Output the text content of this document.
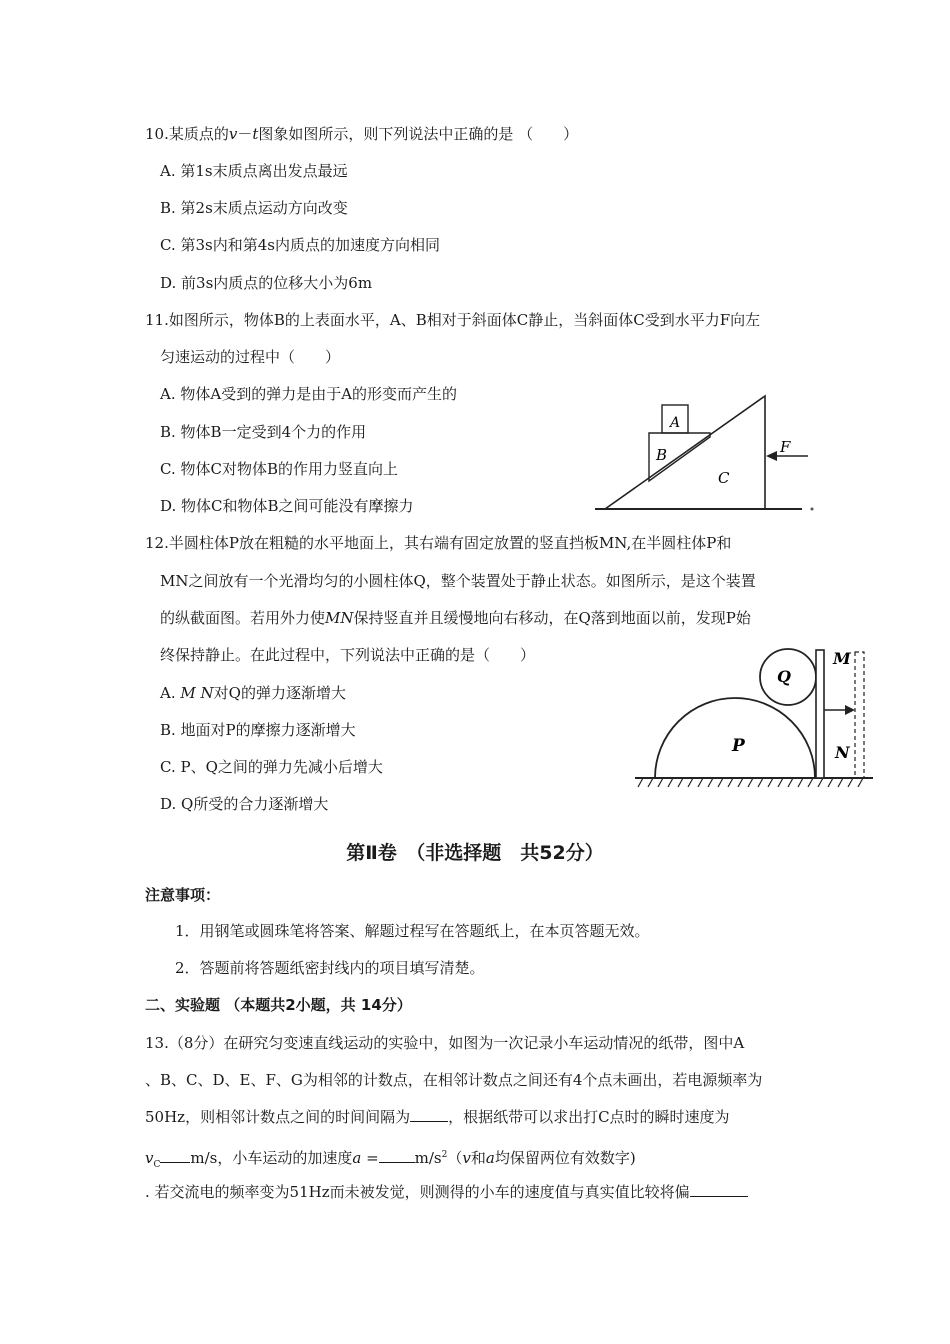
10.某质点的v－t图象如图所示，则下列说法中正确的是 （　　）
A. 第1s末质点离出发点最远
B. 第2s末质点运动方向改变
C. 第3s内和第4s内质点的加速度方向相同
D. 前3s内质点的位移大小为6m
11.如图所示，物体B的上表面水平，A、B相对于斜面体C静止，当斜面体C受到水平力F向左
匀速运动的过程中（　　）
A. 物体A受到的弹力是由于A的形变而产生的
B. 物体B一定受到4个力的作用
C. 物体C对物体B的作用力竖直向上
D. 物体C和物体B之间可能没有摩擦力
A
B
C
F
12.半圆柱体P放在粗糙的水平地面上，其右端有固定放置的竖直挡板MN,在半圆柱体P和
MN之间放有一个光滑均匀的小圆柱体Q，整个装置处于静止状态。如图所示，是这个装置
的纵截面图。若用外力使MN保持竖直并且缓慢地向右移动，在Q落到地面以前，发现P始
终保持静止。在此过程中，下列说法中正确的是（　　）
A. M N对Q的弹力逐渐增大
B. 地面对P的摩擦力逐渐增大
C. P、Q之间的弹力先减小后增大
D. Q所受的合力逐渐增大
P
Q
M
N
第Ⅱ卷　（非选择题　共52分）
注意事项：
1．用钢笔或圆珠笔将答案、解题过程写在答题纸上，在本页答题无效。
2．答题前将答题纸密封线内的项目填写清楚。
二、实验题 （本题共2小题，共 14分）
13.（8分）在研究匀变速直线运动的实验中，如图为一次记录小车运动情况的纸带，图中A
、B、C、D、E、F、G为相邻的计数点，在相邻计数点之间还有4个点未画出，若电源频率为
50Hz，则相邻计数点之间的时间间隔为	，根据纸带可以求出打C点时的瞬时速度为
$v_C$ m/s，小车运动的加速度$a = m/s^2(v$和a均保留两位有效数字)
. 若交流电的频率变为51Hz而未被发觉，则测得的小车的速度值与真实值比较将偏
